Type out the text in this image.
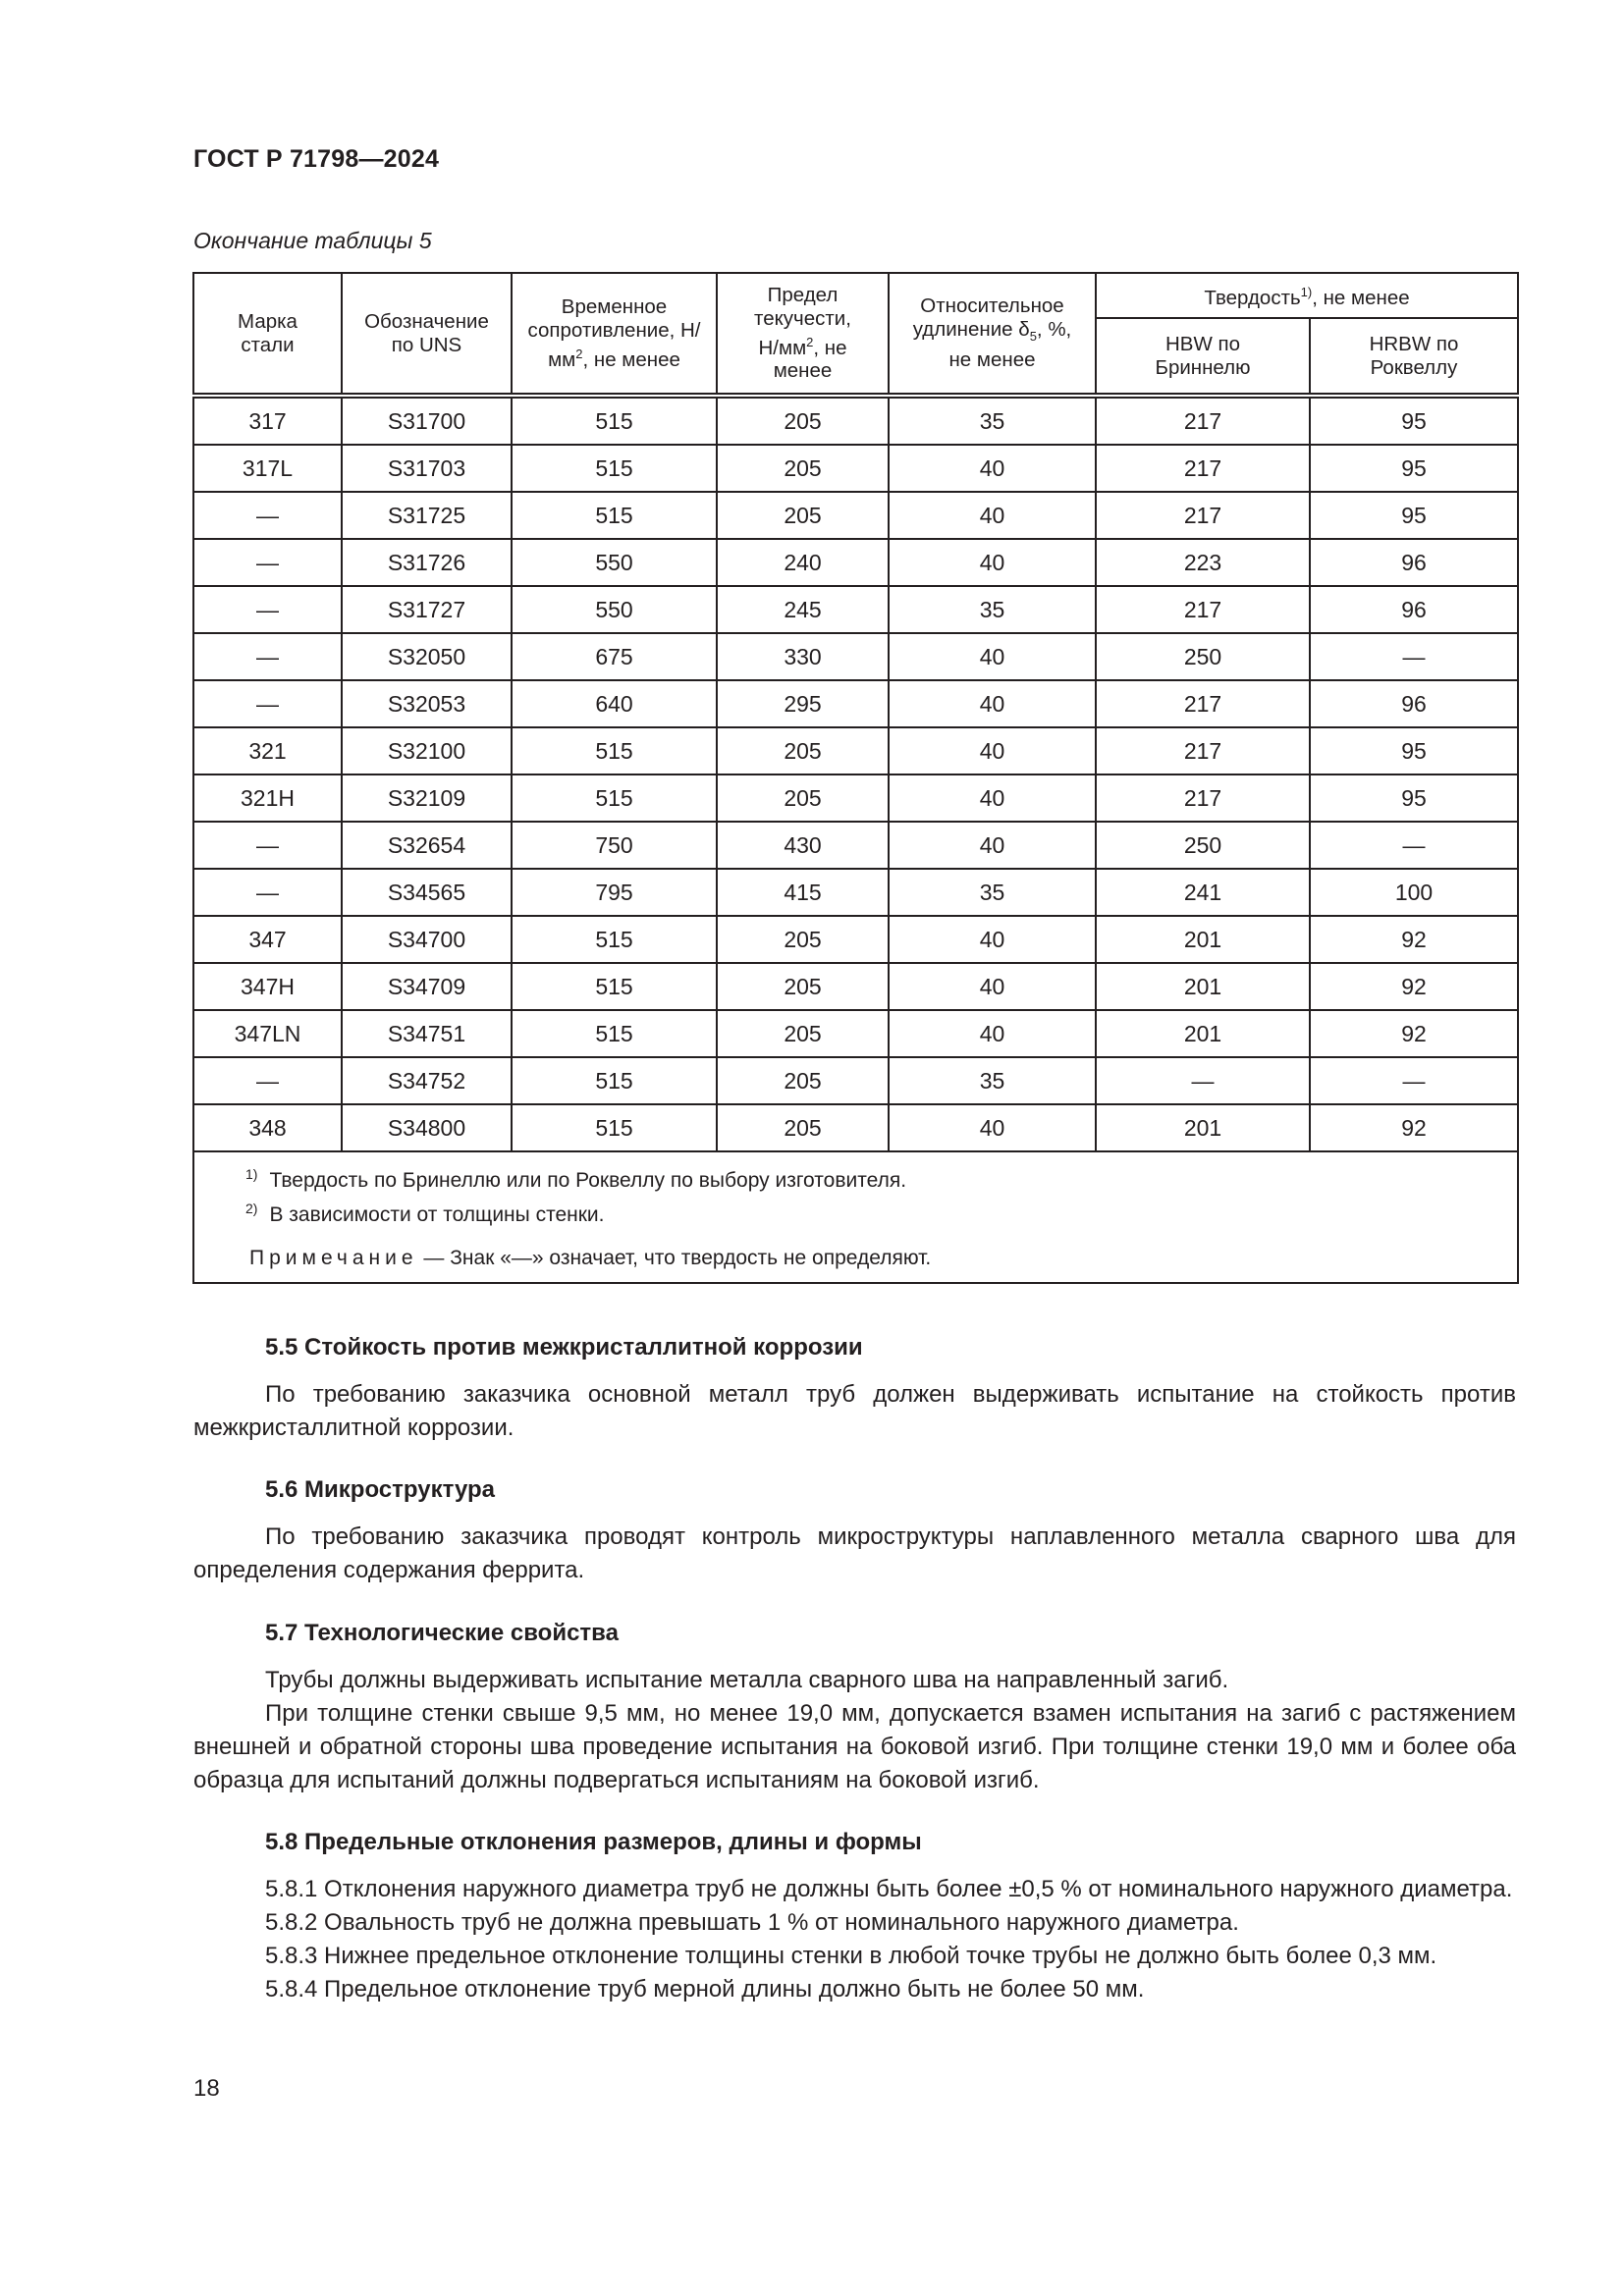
ГОСТ Р 71798—2024
Окончание таблицы 5
Марка стали	Обозначение по UNS	Временное сопротивление, $Н/мм^2$, не менее	Предел текучести, $Н/мм^2$, не менее	Относительное удлинение $\delta_5$, %, не менее	Твердость$^{1)}$, не менее	
					HBW по Бриннелю	HRBW по Роквеллу
317	S31700	515	205	35	217	95
317L	S31703	515	205	40	217	95
—	S31725	515	205	40	217	95
—	S31726	550	240	40	223	96
—	S31727	550	245	35	217	96
—	S32050	675	330	40	250	—
—	S32053	640	295	40	217	96
321	S32100	515	205	40	217	95
321H	S32109	515	205	40	217	95
—	S32654	750	430	40	250	—
—	S34565	795	415	35	241	100
347	S34700	515	205	40	201	92
347H	S34709	515	205	40	201	92
347LN	S34751	515	205	40	201	92
—	S34752	515	205	35	—	—
348	S34800	515	205	40	201	92

$^{1)}$ Твердость по Бринеллю или по Роквеллу по выбору изготовителя.
$^{2)}$ В зависимости от толщины стенки.
Примечание — Знак «—» означает, что твердость не определяют.						

5.5 Стойкость против межкристаллитной коррозии

По требованию заказчика основной металл труб должен выдерживать испытание на стойкость против межкристаллитной коррозии.

5.6 Микроструктура

По требованию заказчика проводят контроль микроструктуры наплавленного металла сварного шва для определения содержания феррита.

5.7 Технологические свойства

Трубы должны выдерживать испытание металла сварного шва на направленный загиб.

При толщине стенки свыше 9,5 мм, но менее 19,0 мм, допускается взамен испытания на загиб с растяжением внешней и обратной стороны шва проведение испытания на боковой изгиб. При толщине стенки 19,0 мм и более оба образца для испытаний должны подвергаться испытаниям на боковой изгиб.

5.8 Предельные отклонения размеров, длины и формы

5.8.1 Отклонения наружного диаметра труб не должны быть более ±0,5 % от номинального наружного диаметра.

5.8.2 Овальность труб не должна превышать 1 % от номинального наружного диаметра.

5.8.3 Нижнее предельное отклонение толщины стенки в любой точке трубы не должно быть более 0,3 мм.

5.8.4 Предельное отклонение труб мерной длины должно быть не более 50 мм.

18
